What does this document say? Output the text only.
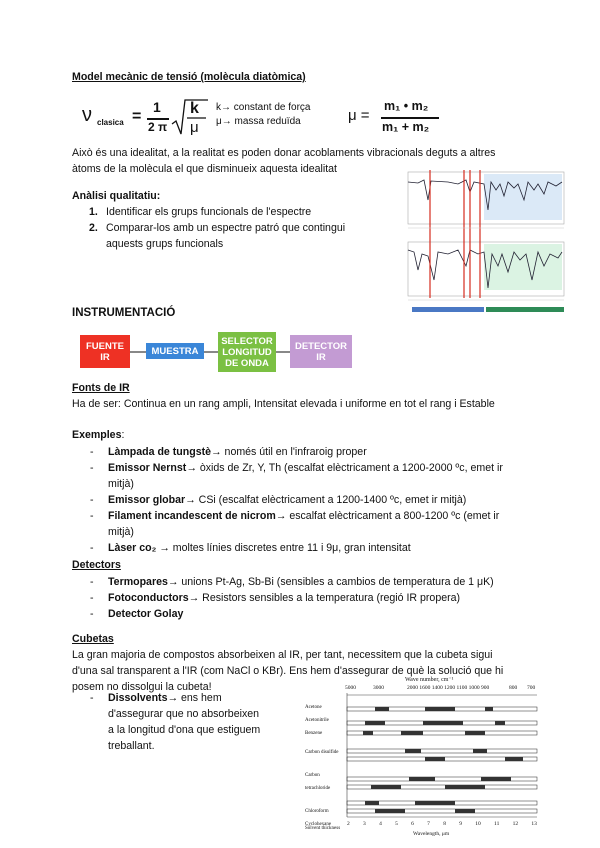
Model mecànic de tensió (molècula diatòmica)
ν clasica =
1
2 π
k
μ
k→ constant de força
μ→ massa reduïda	μ =
m₁ • m₂
m₁ + m₂

Això és una idealitat, a la realitat es poden donar acoblaments vibracionals deguts a altres

àtoms de la molècula el que disminueix aquesta idealitat

Anàlisi qualitatiu:
1. Identificar els grups funcionals de l'espectre
2. Comparar-los amb un espectre patró que contingui
aquests grups funcionals
INSTRUMENTACIÓ
FUENTE IR
MUESTRA
SELECTOR LONGITUD DE ONDA
DETECTOR IR
Fonts de IR
Ha de ser: Continua en un rang ampli, Intensitat elevada i uniforme en tot el rang i Estable
Exemples:
- Làmpada de tungstè→ només útil en l'infraroig proper
- Emissor Nernst→ òxids de Zr, Y, Th (escalfat elèctricament a 1200-2000 ºc, emet ir
mitjà)
- Emissor globar→ CSi (escalfat elèctricament a 1200-1400 ºc, emet ir mitjà)
- Filament incandescent de nicrom→ escalfat elèctricament a 800-1200 ºc (emet ir
mitjà)
- Làser co₂ → moltes línies discretes entre 11 i 9μ, gran intensitat
Detectors
- Termopares→ unions Pt-Ag, Sb-Bi (sensibles a cambios de temperatura de 1 μK)
- Fotoconductors→ Resistors sensibles a la temperatura (regió IR propera)
- Detector Golay
Cubetas

La gran majoria de compostos absorbeixen al IR, per tant, necessitem que la cubeta sigui

d'una sal transparent a l'IR (com NaCl o KBr). Ens hem d'assegurar de què la solució que hi

posem no dissolgui la cubeta!

- Dissolvents→ ens hem
d'assegurar que no absorbeixen
a la longitud d'ona que estiguem
treballant.
Wave number, cm⁻¹
5000	3000	2000 1600 1400 1200 1100 1000 900	800 700
Acetone
Acetonitrile
Benzene
Carbon disulfide
Carbon tetrachloride
Chloroform
Cyclohexane	2 3 4 5 6 7 8 9 10 11 12 13
Solvent thickness
Wavelength, μm
